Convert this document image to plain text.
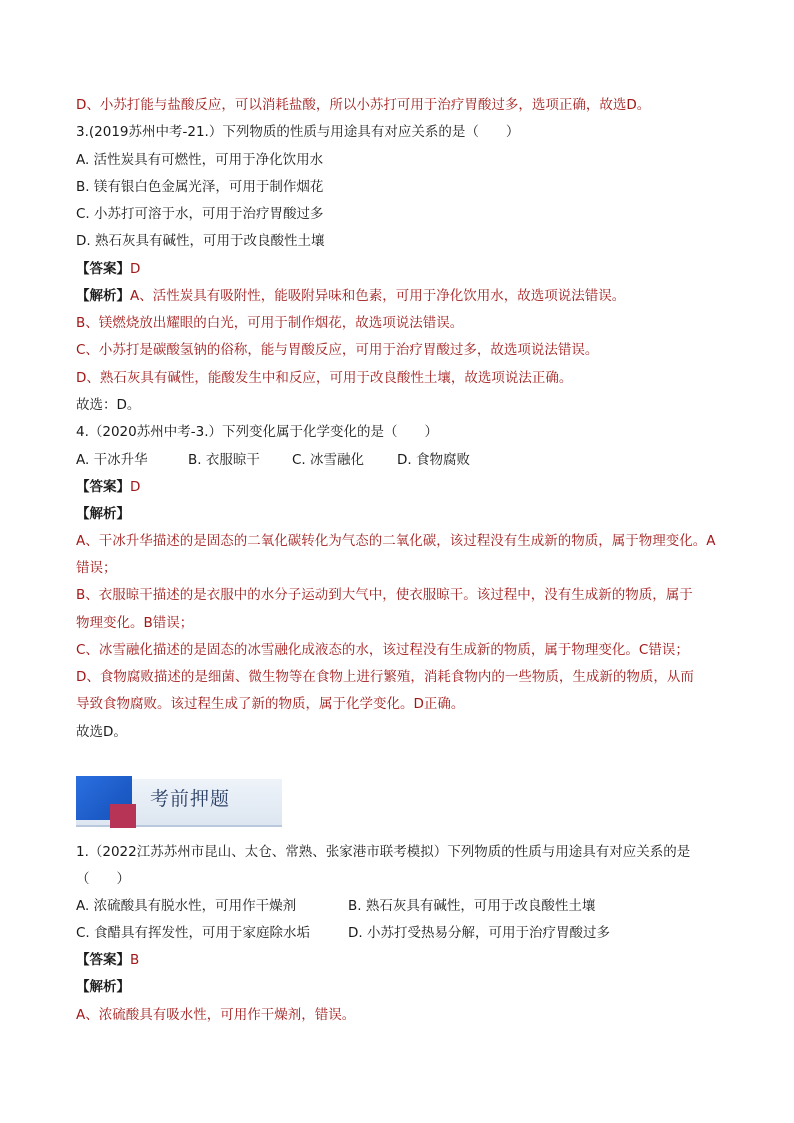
D、小苏打能与盐酸反应，可以消耗盐酸，所以小苏打可用于治疗胃酸过多，选项正确，故选D。
3.(2019苏州中考-21.）下列物质的性质与用途具有对应关系的是（　　）
A. 活性炭具有可燃性，可用于净化饮用水
B. 镁有银白色金属光泽，可用于制作烟花
C. 小苏打可溶于水，可用于治疗胃酸过多
D. 熟石灰具有碱性，可用于改良酸性土壤
【答案】D
【解析】A、活性炭具有吸附性，能吸附异味和色素，可用于净化饮用水，故选项说法错误。
B、镁燃烧放出耀眼的白光，可用于制作烟花，故选项说法错误。
C、小苏打是碳酸氢钠的俗称，能与胃酸反应，可用于治疗胃酸过多，故选项说法错误。
D、熟石灰具有碱性，能酸发生中和反应，可用于改良酸性土壤，故选项说法正确。
故选：D。
4.（2020苏州中考-3.）下列变化属于化学变化的是（　　）
A. 干冰升华	B. 衣服晾干 C. 冰雪融化 D. 食物腐败
【答案】D
【解析】
A、干冰升华描述的是固态的二氧化碳转化为气态的二氧化碳，该过程没有生成新的物质，属于物理变化。A
错误；
B、衣服晾干描述的是衣服中的水分子运动到大气中，使衣服晾干。该过程中，没有生成新的物质，属于
物理变化。B错误；
C、冰雪融化描述的是固态的冰雪融化成液态的水，该过程没有生成新的物质，属于物理变化。C错误；
D、食物腐败描述的是细菌、微生物等在食物上进行繁殖，消耗食物内的一些物质，生成新的物质，从而
导致食物腐败。该过程生成了新的物质，属于化学变化。D正确。
故选D。
考前押题
1.（2022江苏苏州市昆山、太仓、常熟、张家港市联考模拟）下列物质的性质与用途具有对应关系的是
（　　）
A. 浓硫酸具有脱水性，可用作干燥剂	B. 熟石灰具有碱性，可用于改良酸性土壤
C. 食醋具有挥发性，可用于家庭除水垢	D. 小苏打受热易分解，可用于治疗胃酸过多
【答案】B
【解析】
A、浓硫酸具有吸水性，可用作干燥剂，错误。
